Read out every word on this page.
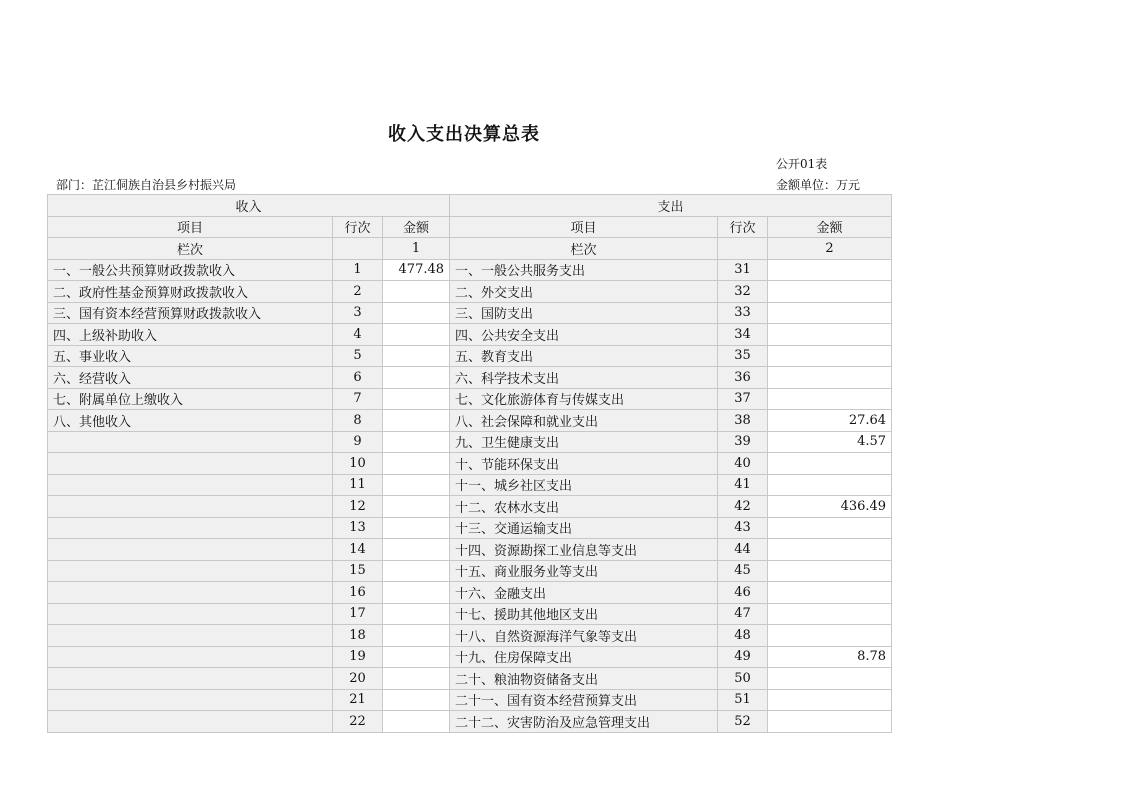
收入支出决算总表
公开01表
部门：芷江侗族自治县乡村振兴局	金额单位：万元
收入			支出		
项目	行次	金额	项目	行次	金额
栏次		1	栏次		2
一、一般公共预算财政拨款收入	1	477.48	一、一般公共服务支出	31	
二、政府性基金预算财政拨款收入	2		二、外交支出	32	
三、国有资本经营预算财政拨款收入	3		三、国防支出	33	
四、上级补助收入	4		四、公共安全支出	34	
五、事业收入	5		五、教育支出	35	
六、经营收入	6		六、科学技术支出	36	
七、附属单位上缴收入	7		七、文化旅游体育与传媒支出	37	
八、其他收入	8		八、社会保障和就业支出	38	27.64
	9		九、卫生健康支出	39	4.57
	10		十、节能环保支出	40	
	11		十一、城乡社区支出	41	
	12		十二、农林水支出	42	436.49
	13		十三、交通运输支出	43	
	14		十四、资源勘探工业信息等支出	44	
	15		十五、商业服务业等支出	45	
	16		十六、金融支出	46	
	17		十七、援助其他地区支出	47	
	18		十八、自然资源海洋气象等支出	48	
	19		十九、住房保障支出	49	8.78
	20		二十、粮油物资储备支出	50	
	21		二十一、国有资本经营预算支出	51	
	22		二十二、灾害防治及应急管理支出	52	
